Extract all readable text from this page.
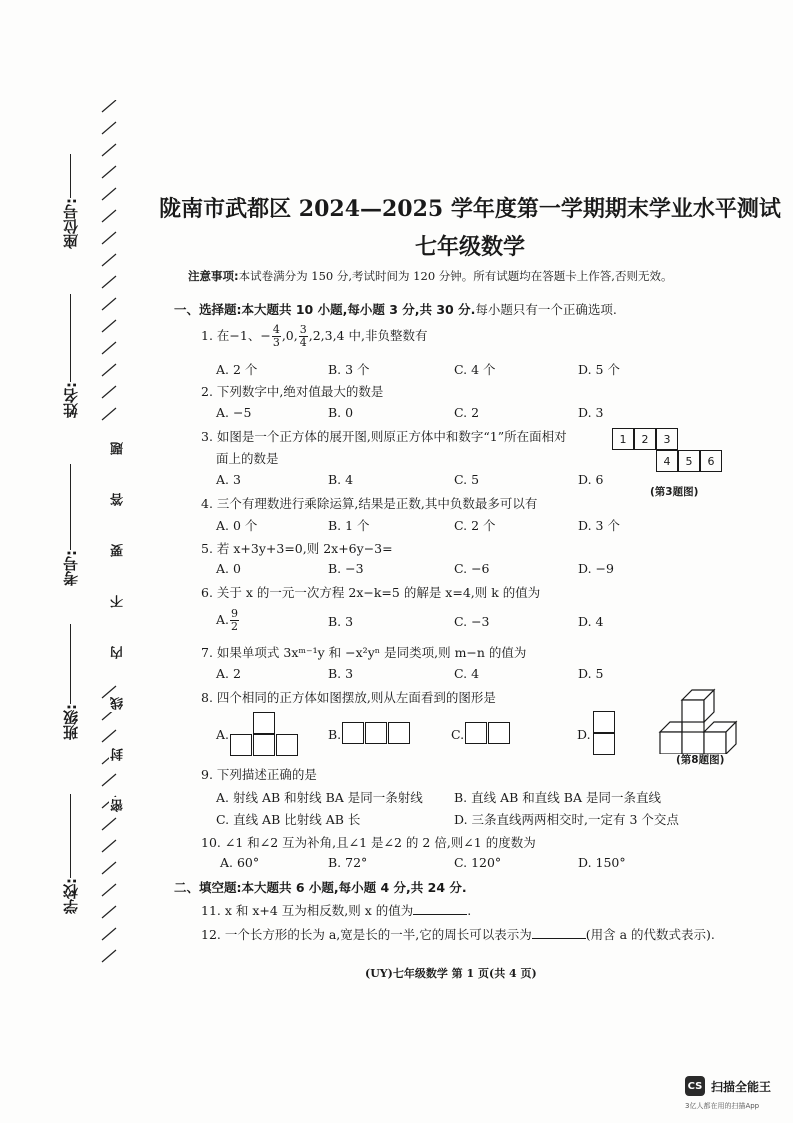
座位号:
姓名:
考号:
班级:
学校:
题
答
要
不
内
线
封
密
陇南市武都区 2024—2025 学年度第一学期期末学业水平测试
七年级数学
注意事项:本试卷满分为 150 分,考试时间为 120 分钟。所有试题均在答题卡上作答,否则无效。
一、选择题:本大题共 10 小题,每小题 3 分,共 30 分.每小题只有一个正确选项.
1. 在−1、− $\frac{4}{3} ,0$, $\frac{3}{4} ,2,3,4$ 中,非负整数有
A. 2 个	B. 3 个	C. 4 个	D. 5 个
2. 下列数字中,绝对值最大的数是
A. −5	B. 0	C. 2	D. 3
3. 如图是一个正方体的展开图,则原正方体中和数字“1”所在面相对
面上的数是
A. 3	B. 4	C. 5	D. 6
1	2	3
4	5	6
(第3题图)
4. 三个有理数进行乘除运算,结果是正数,其中负数最多可以有
A. 0 个	B. 1 个	C. 2 个	D. 3 个
5. 若 x+3y+3=0,则 2x+6y−3=
A. 0	B. −3	C. −6	D. −9
6. 关于 x 的一元一次方程 2x−k=5 的解是 x=4,则 k 的值为
A. $\frac{9}{2}$	B. 3	C. −3	D. 4
7. 如果单项式 3xᵐ⁻¹y 和 −x²yⁿ 是同类项,则 m−n 的值为
A. 2	B. 3	C. 4	D. 5
8. 四个相同的正方体如图摆放,则从左面看到的图形是
A.	B.	C.	D.
(第8题图)
9. 下列描述正确的是
A. 射线 AB 和射线 BA 是同一条射线 B. 直线 AB 和直线 BA 是同一条直线
C. 直线 AB 比射线 AB 长	D. 三条直线两两相交时,一定有 3 个交点
10. ∠1 和∠2 互为补角,且∠1 是∠2 的 2 倍,则∠1 的度数为
A. 60°	B. 72°	C. 120°	D. 150°
二、填空题:本大题共 6 小题,每小题 4 分,共 24 分.
11. x 和 x+4 互为相反数,则 x 的值为	.
12. 一个长方形的长为 a,宽是长的一半,它的周长可以表示为	(用含 a 的代数式表示).
(UY)七年级数学 第 1 页(共 4 页)
CS 扫描全能王
3亿人都在用的扫描App
